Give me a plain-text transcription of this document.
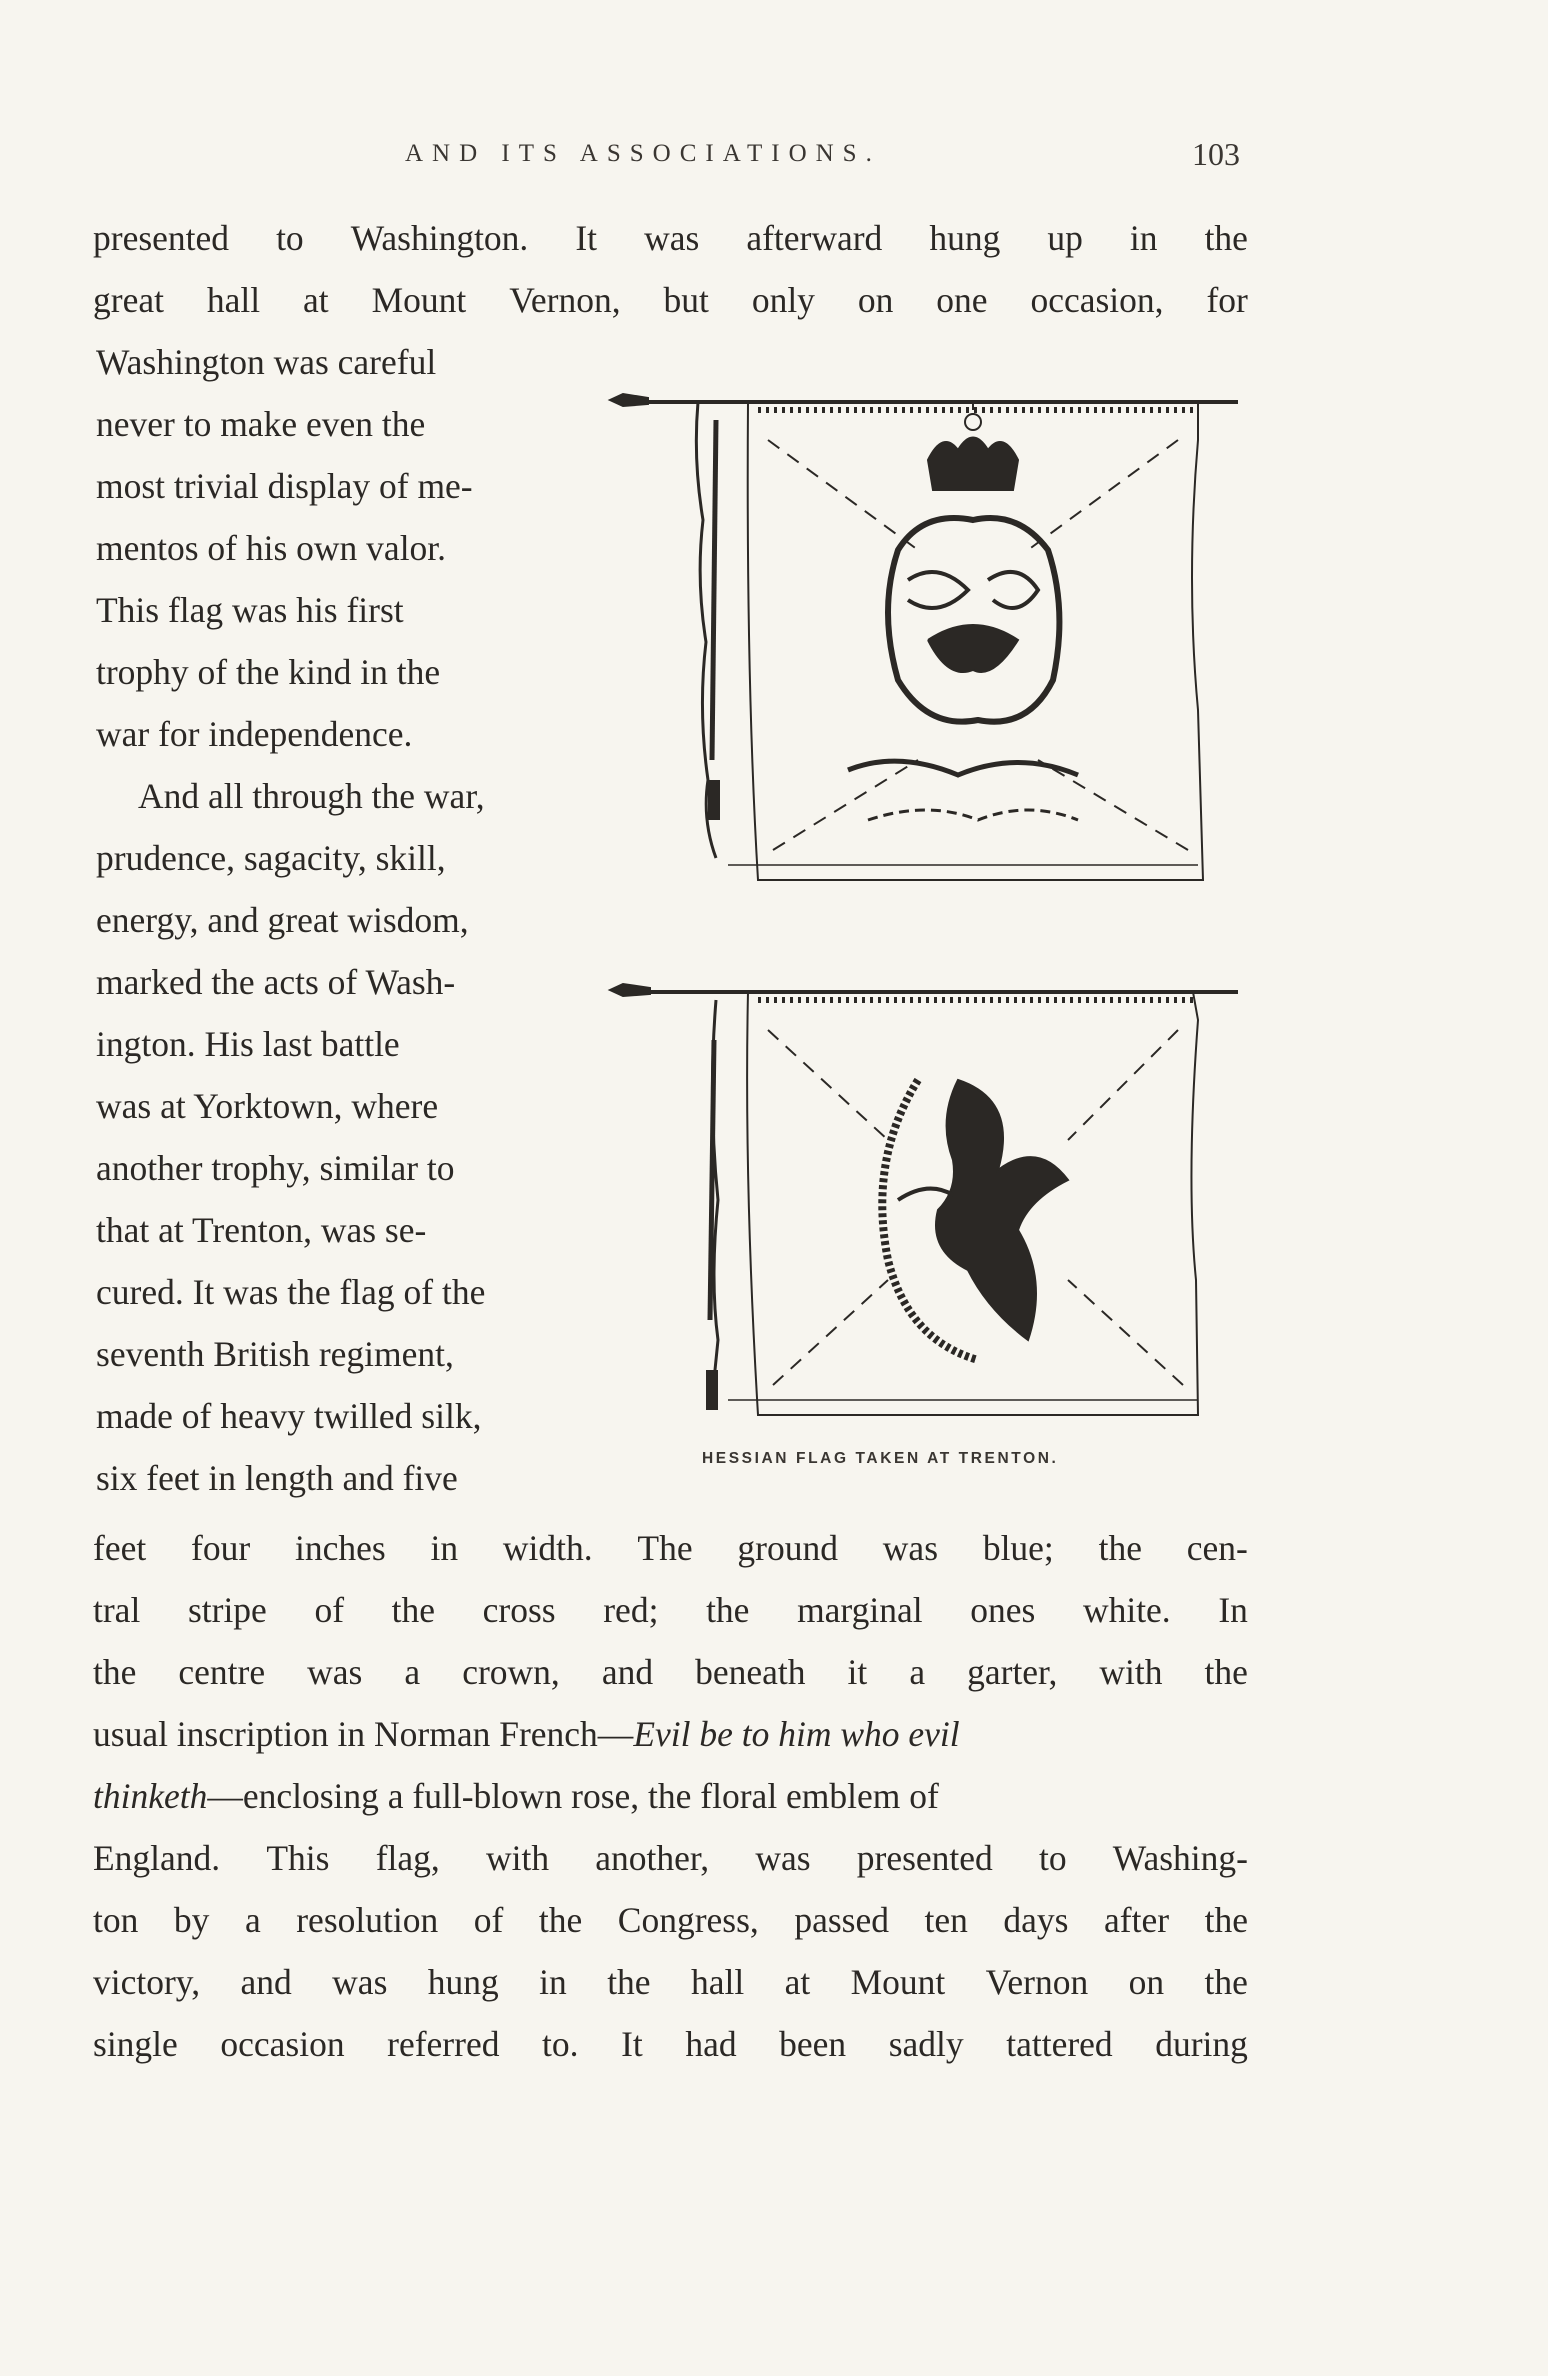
AND ITS ASSOCIATIONS.	103
presented to Washington. It was afterward hung up in the
great hall at Mount Vernon, but only on one occasion, for
Washington was careful
never to make even the
most trivial display of me-
mentos of his own valor.
This flag was his first
trophy of the kind in the
war for independence.
And all through the war,
prudence, sagacity, skill,
energy, and great wisdom,
marked the acts of Wash-
ington. His last battle
was at Yorktown, where
another trophy, similar to
that at Trenton, was se-
cured. It was the flag of the
seventh British regiment,
made of heavy twilled silk,
six feet in length and five
feet four inches in width. The ground was blue; the cen-
tral stripe of the cross red; the marginal ones white. In
the centre was a crown, and beneath it a garter, with the
usual inscription in Norman French—Evil be to him who evil
thinketh—enclosing a full-blown rose, the floral emblem of
England. This flag, with another, was presented to Washing-
ton by a resolution of the Congress, passed ten days after the
victory, and was hung in the hall at Mount Vernon on the
single occasion referred to. It had been sadly tattered during
HESSIAN FLAG TAKEN AT TRENTON.
